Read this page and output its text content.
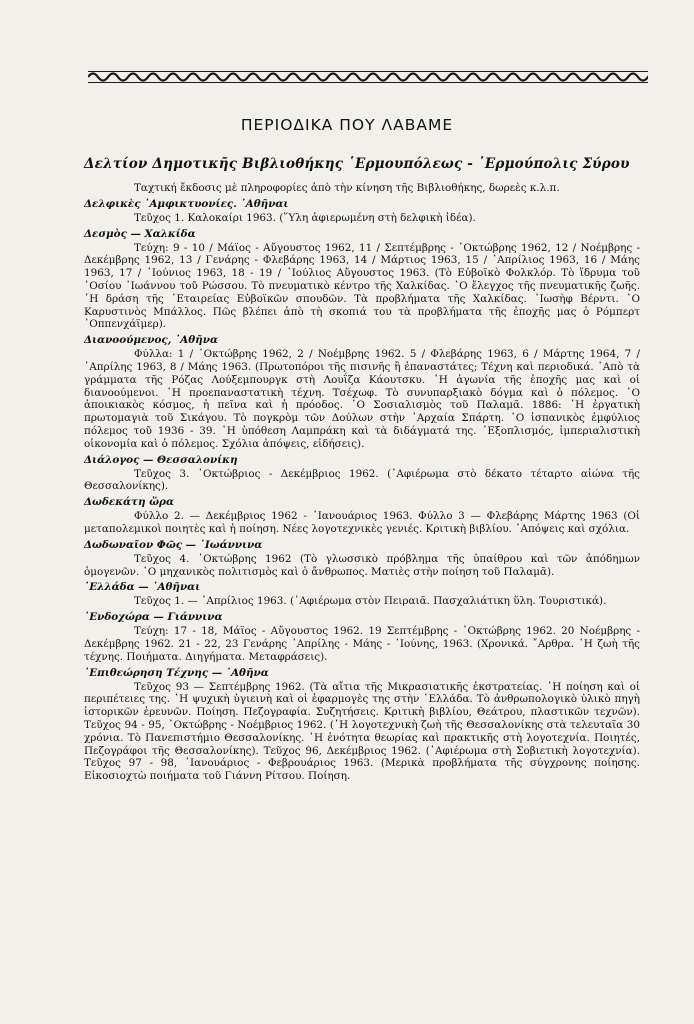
ΠΕΡΙΟΔΙΚΑ ΠΟΥ ΛΑΒΑΜΕ
Δελτίον Δημοτικῆς Βιβλιοθήκης ῾Ερμουπόλεως - ῾Ερμούπολις Σύρου

Ταχτική ἔκδοσις μὲ πληροφορίες ἀπὸ τὴν κίνηση τῆς Βιβλιοθήκης, δωρεὲς κ.λ.π.

Δελφικὲς ᾿Αμφικτυονίες. ᾿Αθῆναι

Τεῦχος 1. Καλοκαίρι 1963. (῞Υλη ἀφιερωμένη στὴ δελφικὴ ἰδέα).

Δεσμὸς — Χαλκίδα

Τεύχη: 9 - 10 / Μάϊος - Αὔγουστος 1962, 11 / Σεπτέμβρης - ᾿Οκτώβρης 1962, 12 / Νοέμβρης - Δεκέμβρης 1962, 13 / Γενάρης - Φλεβάρης 1963, 14 / Μάρτιος 1963, 15 / ᾿Απρίλιος 1963, 16 / Μάης 1963, 17 / ᾿Ιούνιος 1963, 18 - 19 / ᾿Ιούλιος Αὔγουστος 1963. (Τὸ Εὐβοϊκὸ Φολκλόρ. Τὸ ἵδρυμα τοῦ ᾿Οσίου ᾿Ιωάννου τοῦ Ρώσσου. Τὸ πνευματικὸ κέντρο τῆς Χαλκίδας. ῾Ο ἔλεγχος τῆς πνευματικῆς ζωῆς. ῾Η δράση τῆς ῾Εταιρείας Εὐβοϊκῶν σπουδῶν. Τὰ προβλήματα τῆς Χαλκίδας. ᾿Ιωσὴφ Βέρντι. ῾Ο Καρυστινὸς Μπάλλος. Πῶς βλέπει ἀπὸ τὴ σκοπιά του τὰ προβλήματα τῆς ἐποχῆς μας ὁ Ρόμπερτ ᾿Οππενχάϊμερ).

Διανοούμενος, ᾿Αθῆνα

Φύλλα: 1 / ᾿Οκτώβρης 1962, 2 / Νοέμβρης 1962. 5 / Φλεβάρης 1963, 6 / Μάρτης 1964, 7 / ᾿Απρίλης 1963, 8 / Μάης 1963. (Πρωτοπόροι τῆς πισινῆς ἢ ἐπαναστάτες; Τέχνη καὶ περιοδικά. ᾿Απὸ τὰ γράμματα τῆς Ρόζας Λούξεμπουργκ στὴ Λουΐζα Κάουτσκυ. ῾Η ἀγωνία τῆς ἐποχῆς μας καὶ οἱ διανοούμενοι. ῾Η προεπαναστατικὴ τέχνη. Τσέχωφ. Τὸ συνυπαρξιακὸ δόγμα καὶ ὁ πόλεμος. ῾Ο ἀποικιακὸς κόσμος, ἡ πεῖνα καὶ ἡ πρόοδος. ῾Ο Σοσιαλισμὸς τοῦ Παλαμᾶ. 1886: ῾Η ἐργατικὴ πρωτομαγιὰ τοῦ Σικάγου. Τὸ πογκρὸμ τῶν Δούλων στὴν ᾿Αρχαία Σπάρτη. ῾Ο ἰσπανικὸς ἐμφύλιος πόλεμος τοῦ 1936 - 39. ῾Η ὑπόθεση Λαμπράκη καὶ τὰ διδάγματά της. ᾿Εξοπλισμός, ἰμπεριαλιστικὴ οἰκονομία καὶ ὁ πόλεμος. Σχόλια ἀπόψεις, εἰδήσεις).

Διάλογος — Θεσσαλονίκη

Τεῦχος 3. ᾿Οκτώβριος - Δεκέμβριος 1962. (᾿Αφιέρωμα στὸ δέκατο τέταρτο αἰώνα τῆς Θεσσαλονίκης).

Δωδεκάτη ὥρα

Φύλλο 2. — Δεκέμβριος 1962 - ᾿Ιανουάριος 1963. Φύλλο 3 — Φλεβάρης Μάρτης 1963 (Οἱ μεταπολεμικοὶ ποιητὲς καὶ ἡ ποίηση. Νέες λογοτεχνικὲς γενιές. Κριτικὴ βιβλίου. ᾿Απόψεις καὶ σχόλια.

Δωδωναῖον Φῶς — ᾿Ιωάννινα

Τεῦχος 4. ᾿Οκτώβρης 1962 (Τὸ γλωσσικὸ πρόβλημα τῆς ὑπαίθρου καὶ τῶν ἀπόδημων ὁμογενῶν. ῾Ο μηχανικὸς πολιτισμὸς καὶ ὁ ἄνθρωπος. Ματιὲς στὴν ποίηση τοῦ Παλαμᾶ).

᾿Ελλάδα — ᾿Αθῆναι

Τεῦχος 1. — ᾿Απρίλιος 1963. (᾿Αφιέρωμα στὸν Πειραιᾶ. Πασχαλιάτικη ὕλη. Τουριστικά).

᾿Ενδοχώρα — Γιάννινα

Τεύχη: 17 - 18, Μάϊος - Αὔγουστος 1962. 19 Σεπτέμβρης - ᾿Οκτώβρης 1962. 20 Νοέμβρης - Δεκέμβρης 1962. 21 - 22, 23 Γενάρης ᾿Απρίλης - Μάης - ᾿Ιούνης, 1963. (Χρονικά. ῎Αρθρα. ῾Η ζωὴ τῆς τέχνης. Ποιήματα. Διηγήματα. Μεταφράσεις).

᾿Επιθεώρηση Τέχνης — ᾿Αθῆνα

Τεῦχος 93 — Σεπτέμβρης 1962. (Τὰ αἴτια τῆς Μικρασιατικῆς ἐκστρατείας. ῾Η ποίηση καὶ οἱ περιπέτειες της. ῾Η ψυχικὴ ὑγιεινὴ καὶ οἱ ἐφαρμογὲς της στὴν ῾Ελλάδα. Τὸ ἀνθρωπολογικὸ ὑλικὸ πηγὴ ἱστορικῶν ἐρευνῶν. Ποίηση. Πεζογραφία. Συζητήσεις. Κριτικὴ βιβλίου, Θεάτρου, πλαστικῶν τεχνῶν). Τεῦχος 94 - 95, ᾿Οκτώβρης - Νοέμβριος 1962. (῾Η λογοτεχνικὴ ζωὴ τῆς Θεσσαλονίκης στὰ τελευταῖα 30 χρόνια. Τὸ Πανεπιστήμιο Θεσσαλονίκης. ῾Η ἑνότητα θεωρίας καὶ πρακτικῆς στὴ λογοτεχνία. Ποιητές, Πεζογράφοι τῆς Θεσσαλονίκης). Τεῦχος 96, Δεκέμβριος 1962. (᾿Αφιέρωμα στὴ Σοβιετικὴ λογοτεχνία). Τεῦχος 97 - 98, ᾿Ιανουάριος - Φεβρουάριος 1963. (Μερικὰ προβλήματα τῆς σύγχρονης ποίησης. Εἰκοσιοχτὼ ποιήματα τοῦ Γιάννη Ρίτσου. Ποίηση.
